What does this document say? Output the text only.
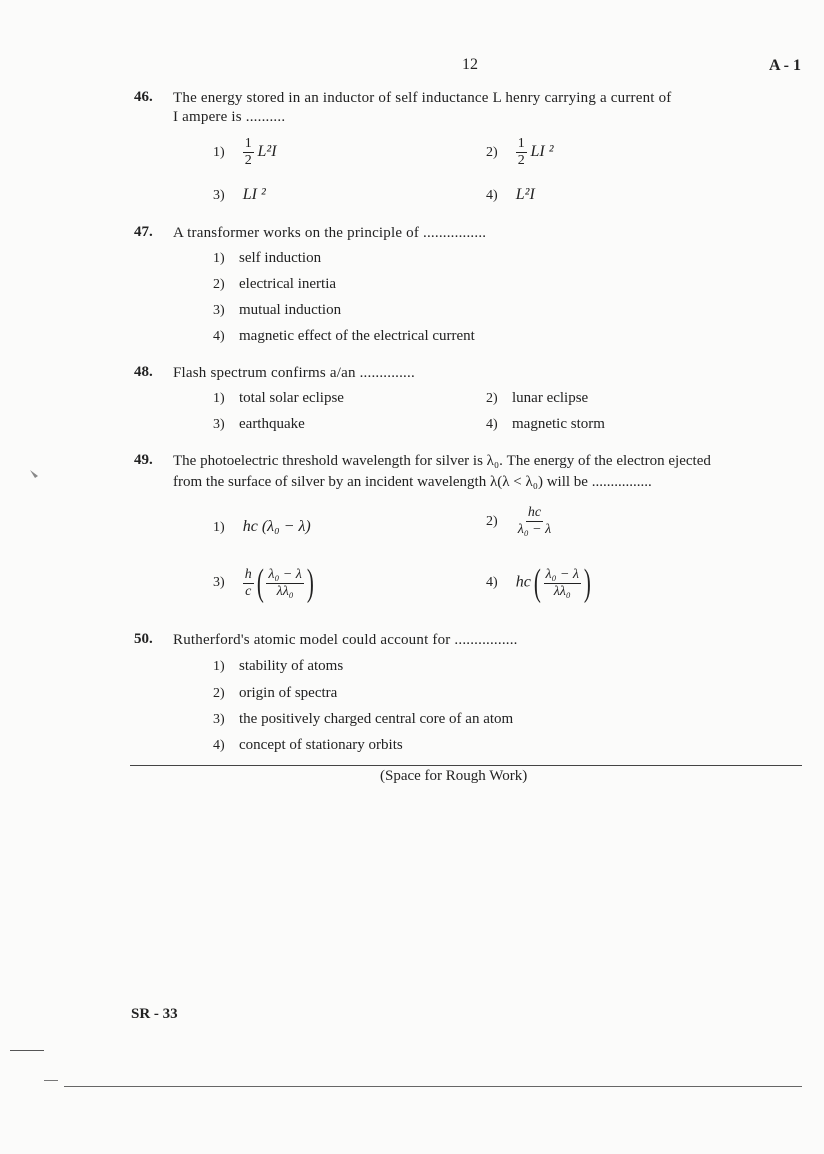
12	A - 1
46. The energy stored in an inductor of self inductance L henry carrying a current of
I ampere is ..........
$1) \frac{1}{2} L^2I$	$2) \frac{1}{2}$ LI ²
3) LI ²	4) L²I
47. A transformer works on the principle of ................
1) self induction
2) electrical inertia
3) mutual induction
4) magnetic effect of the electrical current
48. Flash spectrum confirms a/an ..............
1) total solar eclipse	2) lunar eclipse
3) earthquake	4) magnetic storm
49. The photoelectric threshold wavelength for silver is λ₀. The energy of the electron ejected
from the surface of silver by an incident wavelength λ(λ < λ₀) will be ................
1) hc (λ₀ − λ)	$2) \frac{hc}{\text{λ₀ − λ}}$
$3) \frac{h}{c}$ ( $\frac{\text{λ₀ − λ}}{\text{λλ₀}}$ )	4) $hc( \frac{\text{λ₀ − λ}}{\text{λλ₀}}$ )
50. Rutherford's atomic model could account for ................
1) stability of atoms
2) origin of spectra
3) the positively charged central core of an atom
4) concept of stationary orbits
(Space for Rough Work)
SR - 33
